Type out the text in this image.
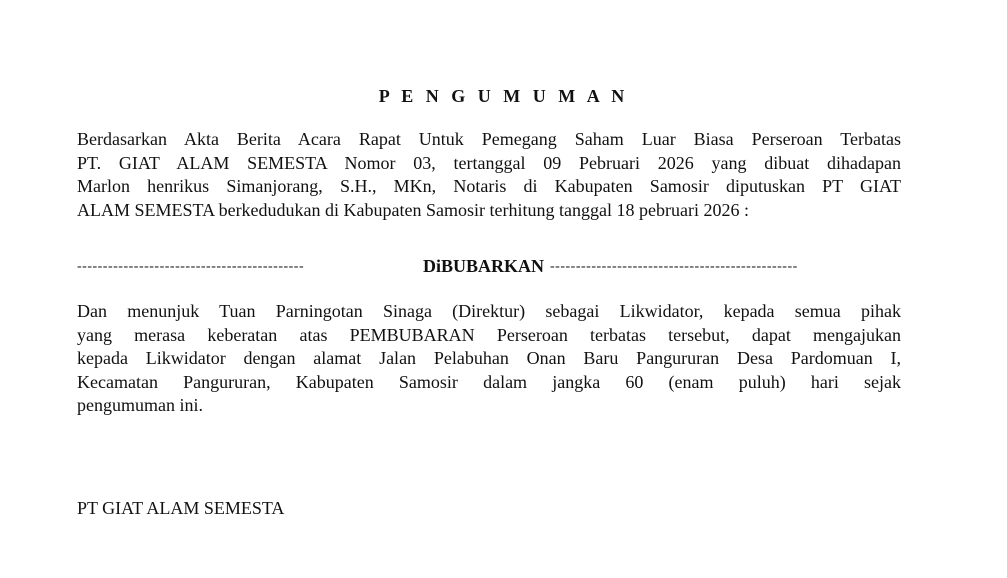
P E N G U M U M A N
Berdasarkan Akta Berita Acara Rapat Untuk Pemegang Saham Luar Biasa Perseroan Terbatas
PT. GIAT ALAM SEMESTA Nomor 03, tertanggal 09 Pebruari 2026 yang dibuat dihadapan
Marlon henrikus Simanjorang, S.H., MKn, Notaris di Kabupaten Samosir diputuskan PT GIAT
ALAM SEMESTA berkedudukan di Kabupaten Samosir terhitung tanggal 18 pebruari 2026 :
--------------------------------------------	DiBUBARKAN ------------------------------------------------
Dan menunjuk Tuan Parningotan Sinaga (Direktur) sebagai Likwidator, kepada semua pihak
yang merasa keberatan atas PEMBUBARAN Perseroan terbatas tersebut, dapat mengajukan
kepada Likwidator dengan alamat Jalan Pelabuhan Onan Baru Pangururan Desa Pardomuan I,
Kecamatan Pangururan, Kabupaten Samosir dalam jangka 60 (enam puluh) hari sejak
pengumuman ini.
PT GIAT ALAM SEMESTA
